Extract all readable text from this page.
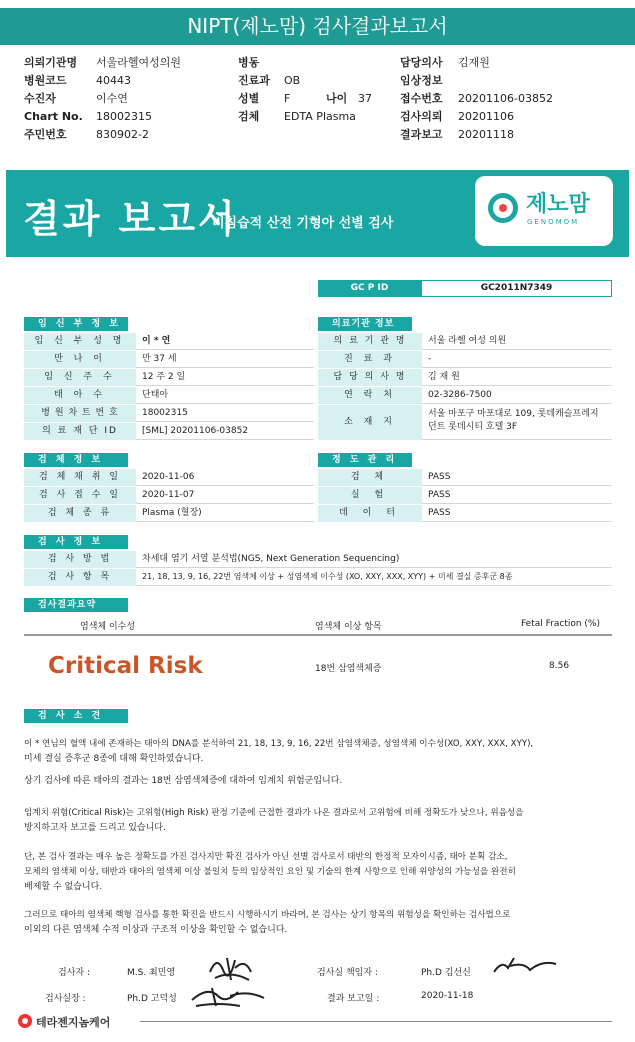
NIPT(제노맘) 검사결과보고서
의뢰기관명 서울라헬여성의원
병원코드	40443
수진자	이수연
Chart No. 18002315
주민번호	830902-2
병동
진료과 OB
성별 F	나이 37
검체 EDTA Plasma
담당의사 김재원
임상정보
접수번호 20201106-03852
검사의뢰 20201106
결과보고 20201118
결과 보고서
비침습적 산전 기형아 선별 검사
제노맘
GENOMOM
GC P ID	GC2011N7349
임 신 부 정 보
임 신 부 성 명	이 * 연
만 나 이	만 37 세
임 신 주 수	12 주 2 일
태 아 수	단태아
병 원 차 트 번 호	18002315
의 료 재 단 ID	[SML] 20201106-03852
의료기관 정보
의 료 기 관 명	서울 라헬 여성 의원
진 료 과	-
담 당 의 사 명	김 재 원
연 락 처	02-3286-7500
소 재 지
서울 마포구 마포대로 109, 롯데캐슬프레지
던트 롯데시티 호텔 3F
검 체 정 보
검 체 채 취 일	2020-11-06
검 사 접 수 일	2020-11-07
검 체 종 류	Plasma (혈장)
정 도 관 리
검 체	PASS
실 험	PASS
데 이 터	PASS
검 사 정 보
검 사 방 법	차세대 염기 서열 분석법(NGS, Next Generation Sequencing)
검 사 항 목	21, 18, 13, 9, 16, 22번 염색체 이상 + 성염색체 이수성 (XO, XXY, XXX, XYY) + 미세 결실 증후군 8종
검사결과요약
염색체 이수성	염색체 이상 항목	Fetal Fraction (%)
Critical Risk	18번 삼염색체증	8.56
검 사 소 견
이 * 연님의 혈액 내에 존재하는 태아의 DNA를 분석하여 21, 18, 13, 9, 16, 22번 삼염색체증, 성염색체 이수성(XO, XXY, XXX, XYY),
미세 결실 증후군 8종에 대해 확인하였습니다.
상기 검사에 따른 태아의 결과는 18번 삼염색체증에 대하여 임계치 위험군입니다.
임계치 위험(Critical Risk)는 고위험(High Risk) 판정 기준에 근접한 결과가 나온 결과로서 고위험에 비해 정확도가 낮으나, 위음성을
방지하고자 보고를 드리고 있습니다.
단, 본 검사 결과는 매우 높은 정확도를 가진 검사지만 확진 검사가 아닌 선별 검사로서 태반의 한정적 모자이시즘, 태아 분획 감소,
모체의 염색체 이상, 태반과 태아의 염색체 이상 불일치 등의 임상적인 요인 및 기술의 한계 사항으로 인해 위양성의 가능성을 완전히
배제할 수 없습니다.
그러므로 태아의 염색체 핵형 검사를 통한 확진을 반드시 시행하시기 바라며, 본 검사는 상기 항목의 위험성을 확인하는 검사법으로
이외의 다른 염색체 수적 이상과 구조적 이상을 확인할 수 없습니다.
검사자 :	M.S. 최민영
검사실장 :	Ph.D 고덕성
검사실 책임자 :	Ph.D 김선신
결과 보고일 :	2020-11-18
테라젠지놈케어
